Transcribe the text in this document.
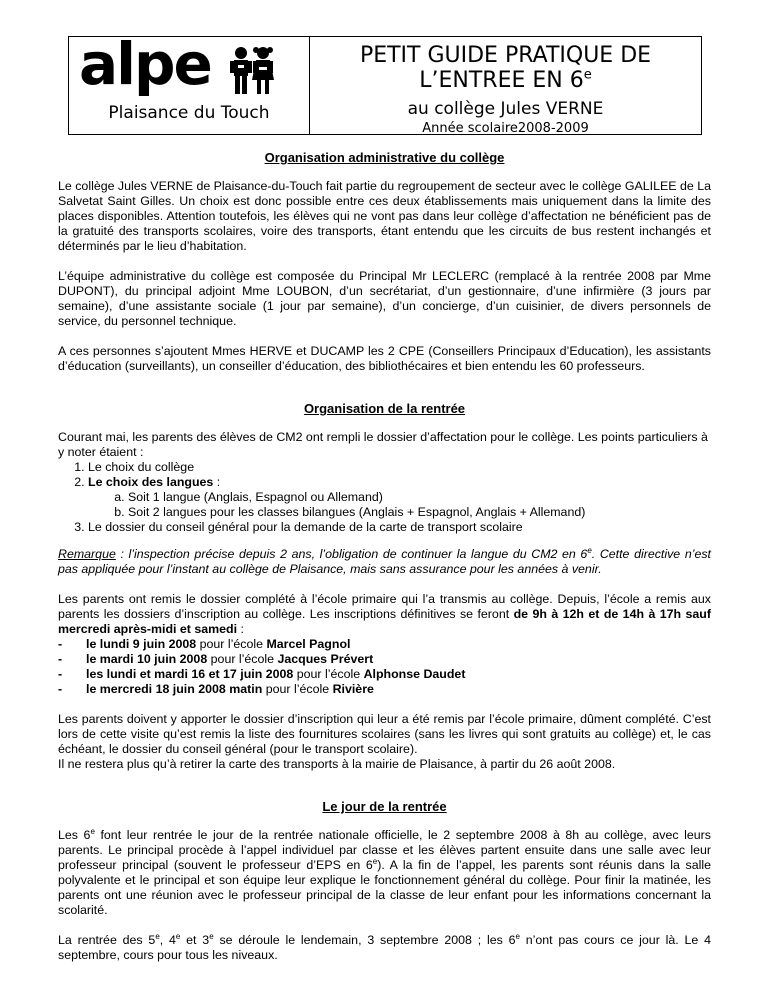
alpe
Plaisance du Touch
PETIT GUIDE PRATIQUE DE
L’ENTREE EN 6e
au collège Jules VERNE
Année scolaire2008-2009
Organisation administrative du collège

Le collège Jules VERNE de Plaisance-du-Touch fait partie du regroupement de secteur avec le collège GALILEE de La Salvetat Saint Gilles. Un choix est donc possible entre ces deux établissements mais uniquement dans la limite des places disponibles. Attention toutefois, les élèves qui ne vont pas dans leur collège d’affectation ne bénéficient pas de la gratuité des transports scolaires, voire des transports, étant entendu que les circuits de bus restent inchangés et déterminés par le lieu d’habitation.

L’équipe administrative du collège est composée du Principal Mr LECLERC (remplacé à la rentrée 2008 par Mme DUPONT), du principal adjoint Mme LOUBON, d’un secrétariat, d’un gestionnaire, d’une infirmière (3 jours par semaine), d’une assistante sociale (1 jour par semaine), d’un concierge, d’un cuisinier, de divers personnels de service, du personnel technique.

A ces personnes s’ajoutent Mmes HERVE et DUCAMP les 2 CPE (Conseillers Principaux d’Education), les assistants d’éducation (surveillants), un conseiller d’éducation, des bibliothécaires et bien entendu les 60 professeurs.

Organisation de la rentrée
Courant mai, les parents des élèves de CM2 ont rempli le dossier d’affectation pour le collège. Les points particuliers à y noter étaient :
1. Le choix du collège
2. Le choix des langues :
a. Soit 1 langue (Anglais, Espagnol ou Allemand)
b. Soit 2 langues pour les classes bilangues (Anglais + Espagnol, Anglais + Allemand)
3. Le dossier du conseil général pour la demande de la carte de transport scolaire

Remarque : l’inspection précise depuis 2 ans, l’obligation de continuer la langue du CM2 en 6e. Cette directive n’est pas appliquée pour l’instant au collège de Plaisance, mais sans assurance pour les années à venir.

Les parents ont remis le dossier complété à l’école primaire qui l’a transmis au collège. Depuis, l’école a remis aux parents les dossiers d’inscription au collège. Les inscriptions définitives se feront de 9h à 12h et de 14h à 17h sauf mercredi après-midi et samedi :
- le lundi 9 juin 2008 pour l’école Marcel Pagnol
- le mardi 10 juin 2008 pour l’école Jacques Prévert
- les lundi et mardi 16 et 17 juin 2008 pour l’école Alphonse Daudet
- le mercredi 18 juin 2008 matin pour l’école Rivière

Les parents doivent y apporter le dossier d’inscription qui leur a été remis par l’école primaire, dûment complété. C’est lors de cette visite qu’est remis la liste des fournitures scolaires (sans les livres qui sont gratuits au collège) et, le cas échéant, le dossier du conseil général (pour le transport scolaire).

Il ne restera plus qu’à retirer la carte des transports à la mairie de Plaisance, à partir du 26 août 2008.

Le jour de la rentrée

Les 6e font leur rentrée le jour de la rentrée nationale officielle, le 2 septembre 2008 à 8h au collège, avec leurs parents. Le principal procède à l’appel individuel par classe et les élèves partent ensuite dans une salle avec leur professeur principal (souvent le professeur d’EPS en 6e). A la fin de l’appel, les parents sont réunis dans la salle polyvalente et le principal et son équipe leur explique le fonctionnement général du collège. Pour finir la matinée, les parents ont une réunion avec le professeur principal de la classe de leur enfant pour les informations concernant la scolarité.

La rentrée des 5e, 4e et 3e se déroule le lendemain, 3 septembre 2008 ; les 6e n’ont pas cours ce jour là. Le 4 septembre, cours pour tous les niveaux.
